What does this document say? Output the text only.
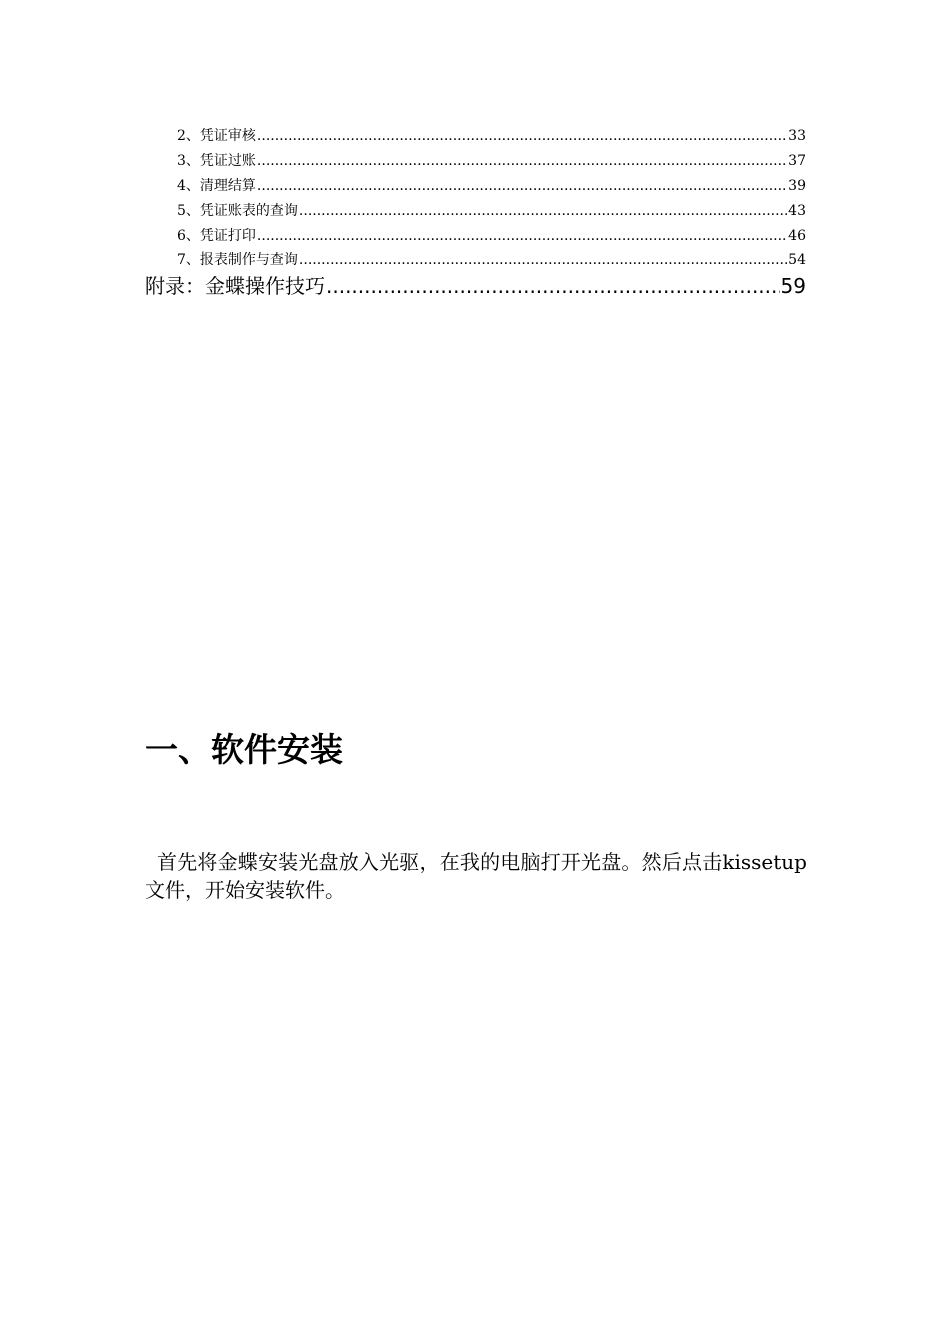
2、凭证审核 .....	33
3、凭证过账 .....	37
4、清理结算 .....	39
5、凭证账表的查询 .....	43
6、凭证打印 .....	46
7、报表制作与查询 .....	54
附录：金蝶操作技巧 .....	59
一、软件安装

首先将金蝶安装光盘放入光驱，在我的电脑打开光盘。然后点击kissetup文件，开始安装软件。
